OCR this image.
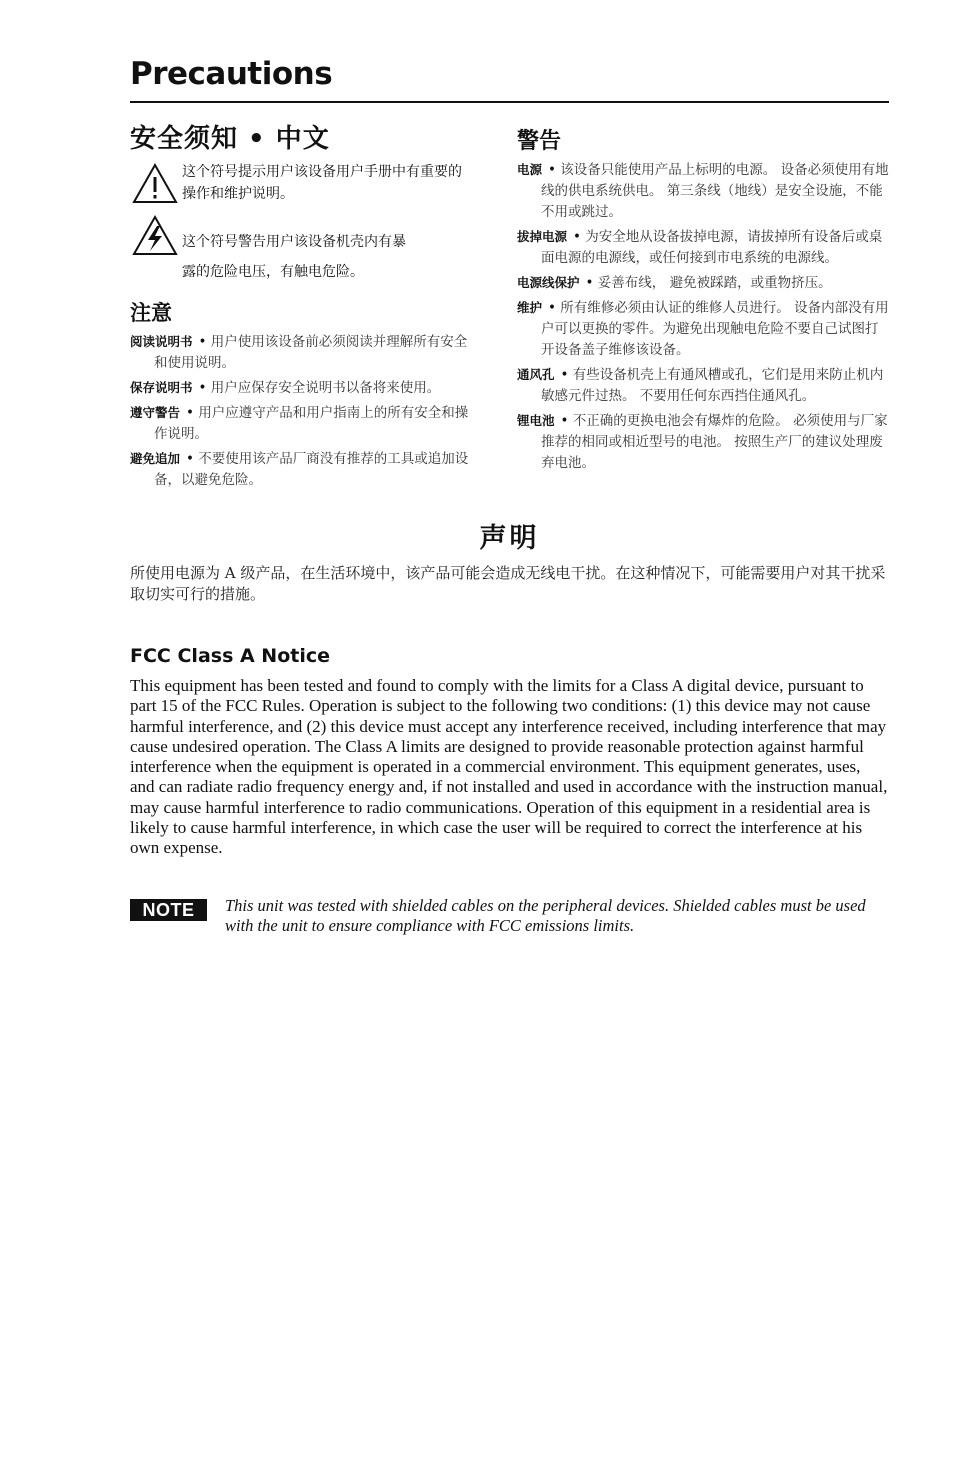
Precautions
安全须知 • 中文
这个符号提示用户该设备用户手册中有重要的操作和维护说明。
这个符号警告用户该设备机壳内有暴
露的危险电压，有触电危险。
注意
阅读说明书 • 用户使用该设备前必须阅读并理解所有安全和使用说明。
保存说明书 • 用户应保存安全说明书以备将来使用。
遵守警告 • 用户应遵守产品和用户指南上的所有安全和操作说明。
避免追加 • 不要使用该产品厂商没有推荐的工具或追加设备，以避免危险。
警告
电源 • 该设备只能使用产品上标明的电源。 设备必须使用有地线的供电系统供电。 第三条线（地线）是安全设施，不能不用或跳过。
拔掉电源 • 为安全地从设备拔掉电源，请拔掉所有设备后或桌面电源的电源线，或任何接到市电系统的电源线。
电源线保护 • 妥善布线， 避免被踩踏，或重物挤压。
维护 • 所有维修必须由认证的维修人员进行。 设备内部没有用户可以更换的零件。为避免出现触电危险不要自己试图打开设备盖子维修该设备。
通风孔 • 有些设备机壳上有通风槽或孔，它们是用来防止机内敏感元件过热。 不要用任何东西挡住通风孔。
锂电池 • 不正确的更换电池会有爆炸的危险。 必须使用与厂家推荐的相同或相近型号的电池。 按照生产厂的建议处理废弃电池。
声明

所使用电源为 A 级产品，在生活环境中，该产品可能会造成无线电干扰。在这种情况下，可能需要用户对其干扰采取切实可行的措施。

FCC Class A Notice

This equipment has been tested and found to comply with the limits for a Class A digital device, pursuant to part 15 of the FCC Rules. Operation is subject to the following two conditions: (1) this device may not cause harmful interference, and (2) this device must accept any interference received, including interference that may cause undesired operation. The Class A limits are designed to provide reasonable protection against harmful interference when the equipment is operated in a commercial environment. This equipment generates, uses, and can radiate radio frequency energy and, if not installed and used in accordance with the instruction manual, may cause harmful interference to radio communications. Operation of this equipment in a residential area is likely to cause harmful interference, in which case the user will be required to correct the interference at his own expense.

NOTE	This unit was tested with shielded cables on the peripheral devices. Shielded cables must be used with the unit to ensure compliance with FCC emissions limits.
